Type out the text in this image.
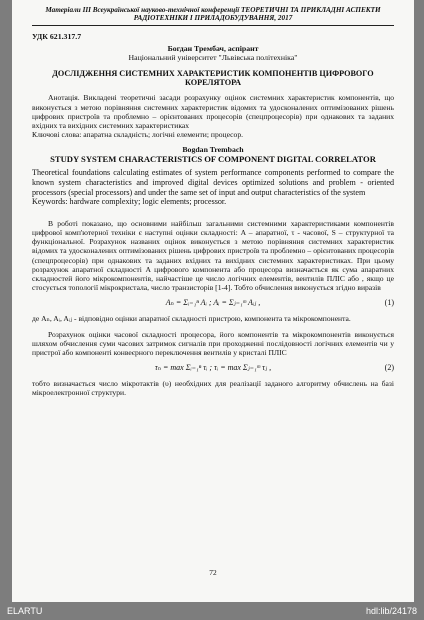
Матеріали III Всеукраїнської науково-технічної конференції ТЕОРЕТИЧНІ ТА ПРИКЛАДНІ АСПЕКТИ РАДІОТЕХНІКИ І ПРИЛАДОБУДУВАННЯ, 2017
УДК 621.317.7
Богдан Трембач, аспірант
Національний університет "Львівська політехніка"
ДОСЛІДЖЕННЯ СИСТЕМНИХ ХАРАКТЕРИСТИК КОМПОНЕНТІВ ЦИФРОВОГО КОРЕЛЯТОРА

Анотація. Викладені теоретичні засади розрахунку оцінок системних характеристик компонентів, що виконується з метою порівняння системних характеристик відомих та удосконалених оптимізованих рішень цифрових пристроїв та проблемно – орієнтованих процесорів (спецпроцесорів) при однакових та заданих вхідних та вихідних системних характеристиках

Ключові слова: апаратна складність; логічні елементи; процесор.

Bogdan Trembach
STUDY SYSTEM CHARACTERISTICS OF COMPONENT DIGITAL CORRELATOR

Theoretical foundations calculating estimates of system performance components performed to compare the known system characteristics and improved digital devices optimized solutions and problem - oriented processors (special processors) and under the same set of input and output characteristics of the system

Keywords: hardware complexity; logic elements; processor.

В роботі показано, що основними найбільш загальними системними характеристиками компонентів цифрової комп'ютерної техніки є наступні оцінки складності: A – апаратної, τ - часової, S – структурної та функціональної. Розрахунок названих оцінок виконується з метою порівняння системних характеристик відомих та удосконалених оптимізованих рішень цифрових пристроїв та проблемно – орієнтованих процесорів (спецпроцесорів) при однакових та заданих вхідних та вихідних системних характеристиках. При цьому розрахунок апаратної складності A цифрового компонента або процесора визначається як сума апаратних складностей його мікрокомпонентів, найчастіше це число логічних елементів, вентилів ПЛІС або , якщо це стосується топології мікрокристала, число транзисторів [1-4]. Тобто обчислення виконується згідно виразів

Aₙ = Σᵢ₌₁ⁿ Aᵢ ; Aᵢ = Σⱼ₌₁ᵐ Aᵢⱼ ,	(1)

де Aₙ, Aᵢ, Aᵢⱼ - відповідно оцінки апаратної складності пристрою, компонента та мікрокомпонента.

Розрахунок оцінки часової складності процесора, його компонентів та мікрокомпонентів виконується шляхом обчислення суми часових затримок сигналів при проходженні послідовності логічних елементів чи у пристрої або компоненті конвеєрного переключення вентилів у кристалі ПЛІС

τₙ = max Σᵢ₌₁ⁿ τᵢ ; τᵢ = max Σⱼ₌₁ᵐ τⱼ ,	(2)

тобто визначається число мікротактів (υ) необхідних для реалізації заданого алгоритму обчислень на базі мікроелектронної структури.

72
ELARTU	hdl:lib/24178
